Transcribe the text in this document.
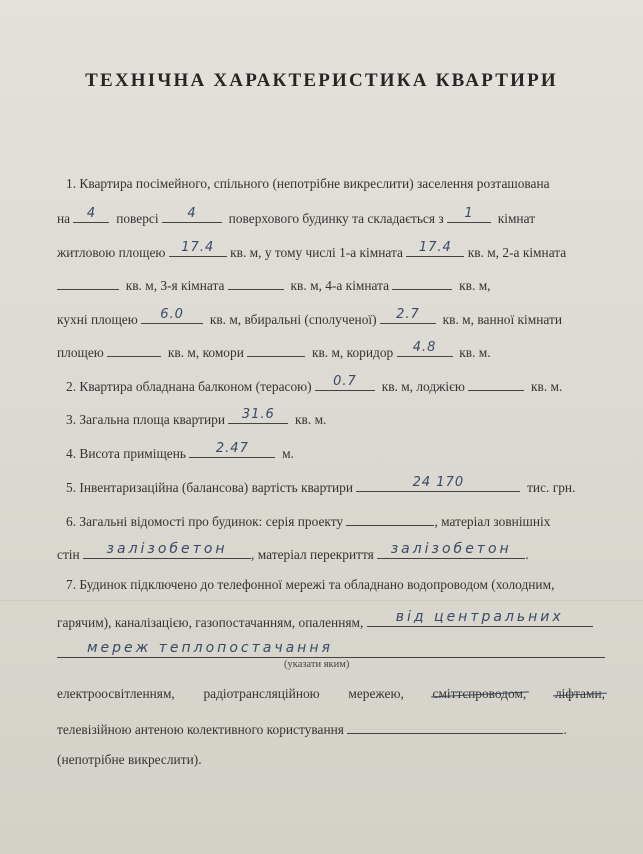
ТЕХНІЧНА ХАРАКТЕРИСТИКА КВАРТИРИ
1. Квартира посімейного, спільного (непотрібне викреслити) заселення розташована
на	4	поверсі	4	поверхового будинку та складається з	1	кімнат
житловою площею	17.4	кв. м, у тому числі 1-а кімната	17.4	кв. м, 2-а кімната
кв. м, 3-я кімната	кв. м, 4-а кімната	кв. м,
кухні площею	6.0	кв. м, вбиральні (сполученої)	2.7	кв. м, ванної кімнати
площею	кв. м, комори	кв. м, коридор	4.8	кв. м.
2. Квартира обладнана балконом (терасою)	0.7	кв. м, лоджією	кв. м.
3. Загальна площа квартири	31.6	кв. м.
4. Висота приміщень	2.47	м.
5. Інвентаризаційна (балансова) вартість квартири	24 170	тис. грн.
6. Загальні відомості про будинок: серія проекту	, матеріал зовнішніх
стін	залізобетон	, матеріал перекриття	залізобетон	.
7. Будинок підключено до телефонної мережі та обладнано водопроводом (холодним,
гарячим), каналізацією, газопостачанням, опаленням,	від центральних
мереж теплопостачання
(указати яким)
електроосвітленням, радіотрансляційною мережею, сміттєпроводом, ліфтами,
телевізійною антеною колективного користування	.
(непотрібне викреслити).
